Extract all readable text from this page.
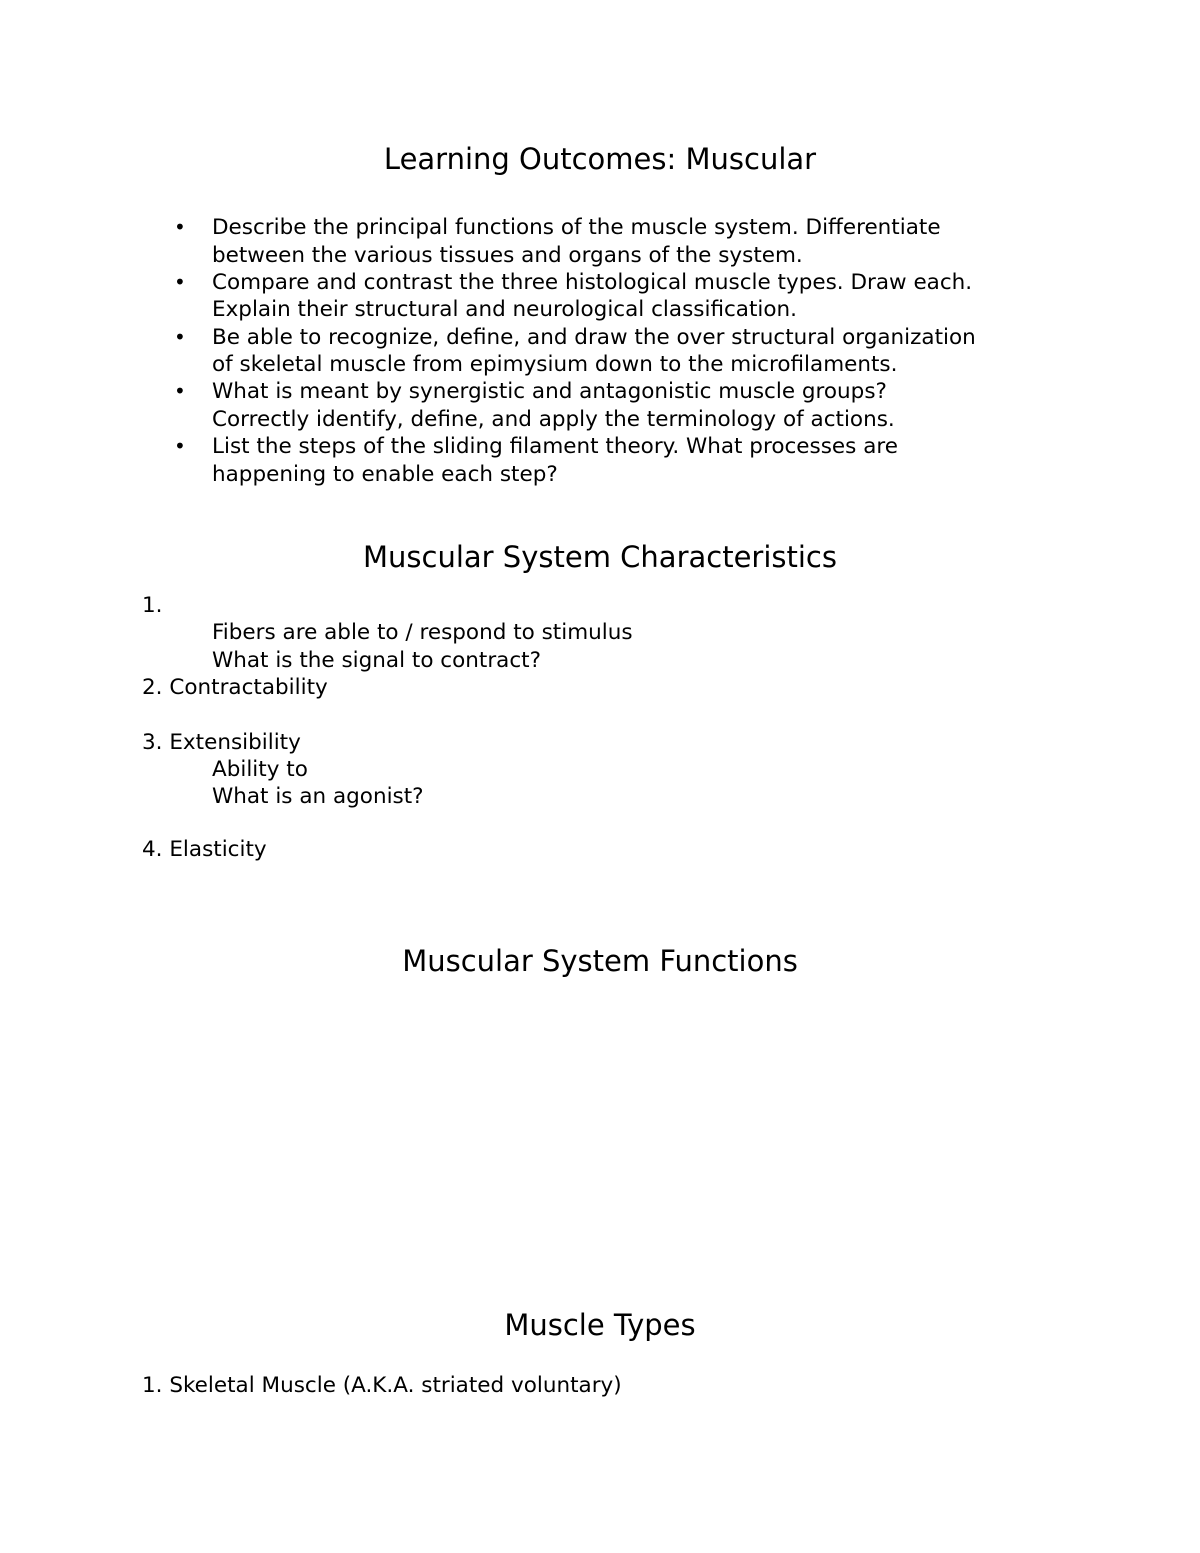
Learning Outcomes: Muscular
• Describe the principal functions of the muscle system. Differentiate
between the various tissues and organs of the system.
• Compare and contrast the three histological muscle types. Draw each.
Explain their structural and neurological classification.
• Be able to recognize, define, and draw the over structural organization
of skeletal muscle from epimysium down to the microfilaments.
• What is meant by synergistic and antagonistic muscle groups?
Correctly identify, define, and apply the terminology of actions.
• List the steps of the sliding filament theory. What processes are
happening to enable each step?
Muscular System Characteristics
1.
Fibers are able to / respond to stimulus
What is the signal to contract?
2. Contractability
3. Extensibility
Ability to
What is an agonist?
4. Elasticity
Muscular System Functions
Muscle Types
1. Skeletal Muscle (A.K.A. striated voluntary)
